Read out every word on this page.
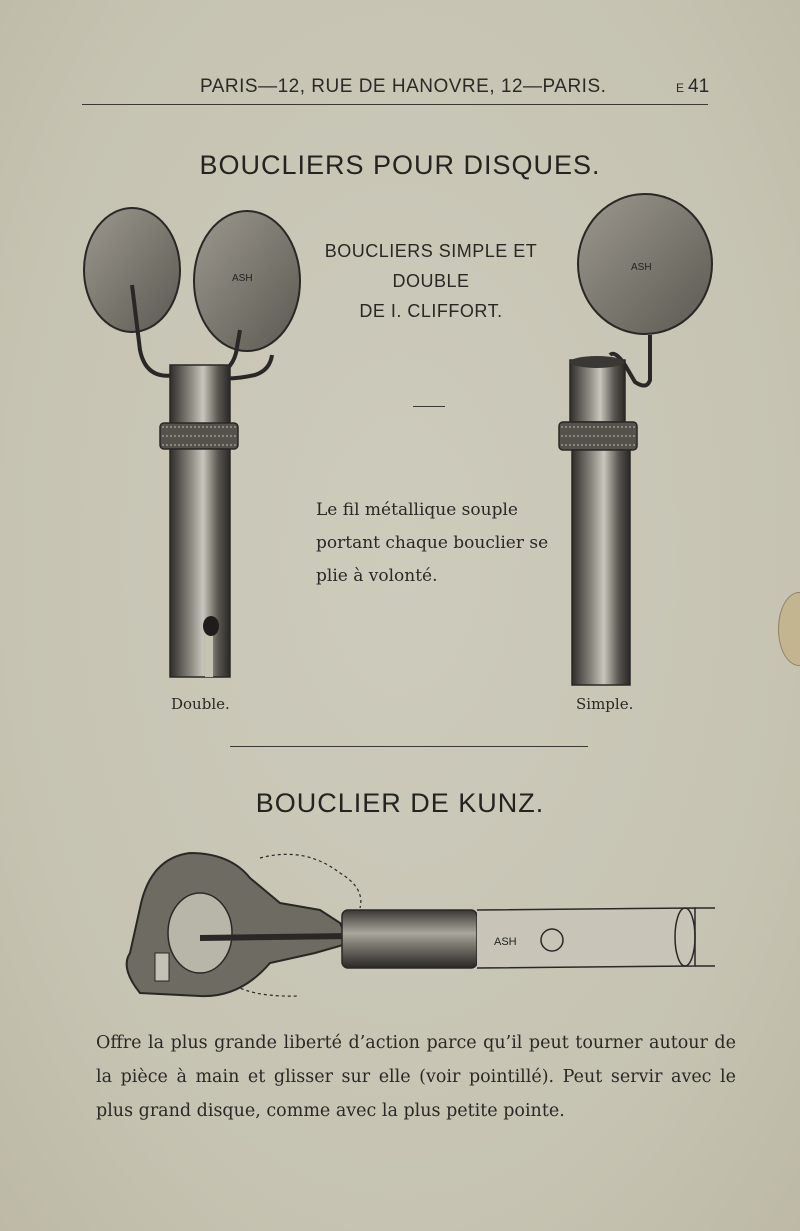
PARIS—12, RUE DE HANOVRE, 12—PARIS.	E 41
BOUCLIERS POUR DISQUES.
ASH
ASH
BOUCLIERS SIMPLE ET
DOUBLE
DE I. CLIFFORT.
Le fil métallique souple portant chaque bouclier se plie à volonté.
Double.	Simple.
BOUCLIER DE KUNZ.
ASH
Offre la plus grande liberté d’action parce qu’il peut tourner autour de la pièce à main et glisser sur elle (voir pointillé). Peut servir avec le plus grand disque, comme avec la plus petite pointe.
